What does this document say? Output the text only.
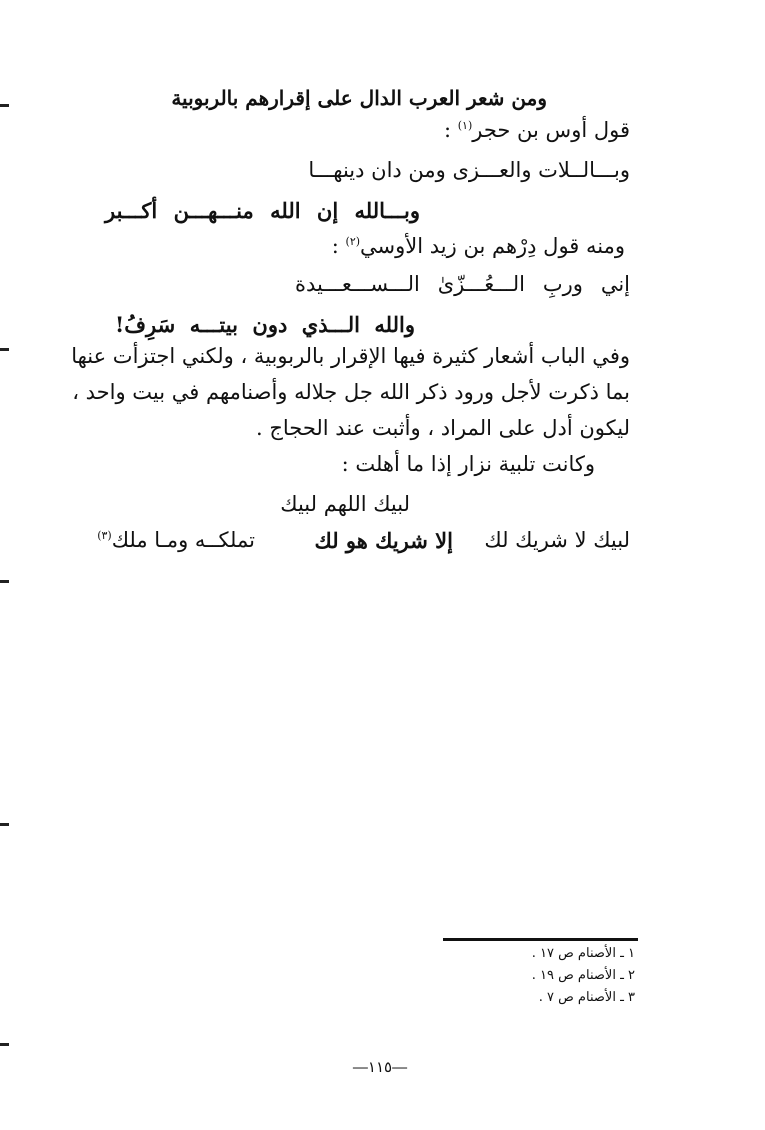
ومن شعر العرب الدال على إقرارهم بالربوبية
قول أوس بن حجر$^{(١)}$ :
وبـــالــلات والعـــزى ومن دان دينهـــا
وبـــالله
إن
الله
منـــهـــن
أكـــبر
ومنه قول دِرْهم بن زيد الأوسي$^{(٢)}$ :
إني
وربِ
الـــعُـــزّىٰ
الـــســـعـــيدة
والله
الـــذي
دون
بيتـــه
سَرِفُ!
وفي الباب أشعار كثيرة فيها الإقرار بالربوبية ، ولكني اجتزأت عنها
بما ذكرت لأجل ورود ذكر الله جل جلاله وأصنامهم في بيت واحد ،
ليكون أدل على المراد ، وأثبت عند الحجاج .
وكانت تلبية نزار إذا ما أهلت :
لبيك اللهم لبيك
لبيك لا شريك لك
إلا شريك هو لك
تملكــه ومـا ملك$^{(٣)}$
١ ـ الأصنام ص ١٧ .
٢ ـ الأصنام ص ١٩ .
٣ ـ الأصنام ص ٧ .
―١١٥―
